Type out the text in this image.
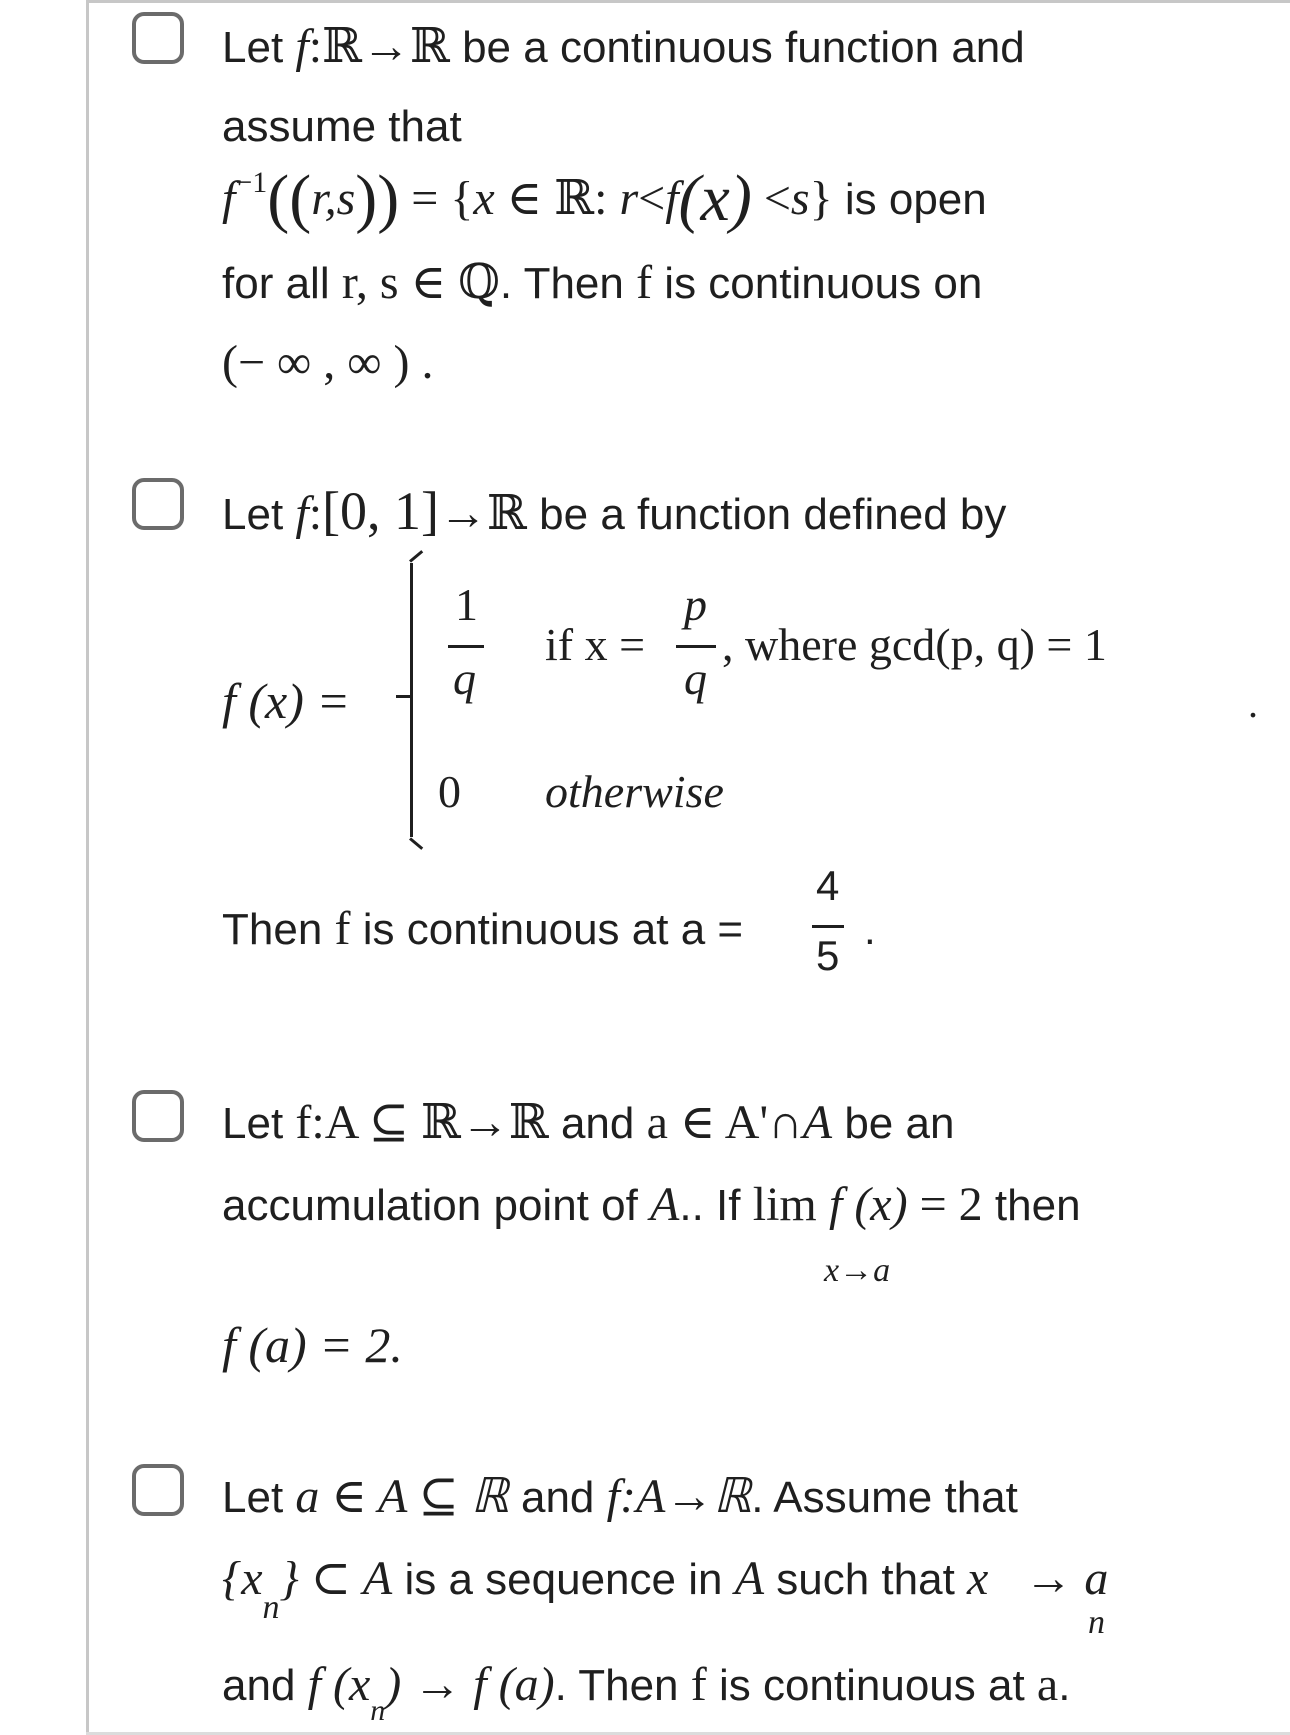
Let f:ℝ→ℝ be a continuous function and
assume that
$f^{-1}((r,s)) = \{x$ ∈ ℝ: r<f(x) <s} is open
for all r, s ∈ ℚ. Then f is continuous on
(− ∞ , ∞ ) .
Let f:[0, 1]→ℝ be a function defined by
f (x) =
1
q
if x =
p
q
, where gcd(p, q) = 1
0 otherwise
.
Then f is continuous at a =
4
5
.
Let f:A ⊆ ℝ→ℝ and a ∈ A'∩A be an
accumulation point of A.. If lim f (x) = 2 then
x→a
f (a) = 2.
Let a ∈ A ⊆ ℝ and f:A→ℝ. Assume that
$\{x_n\}$ ⊂ A is a sequence in A such that x → a
n
and f $(x_n) \to f$ (a). Then f is continuous at a.
